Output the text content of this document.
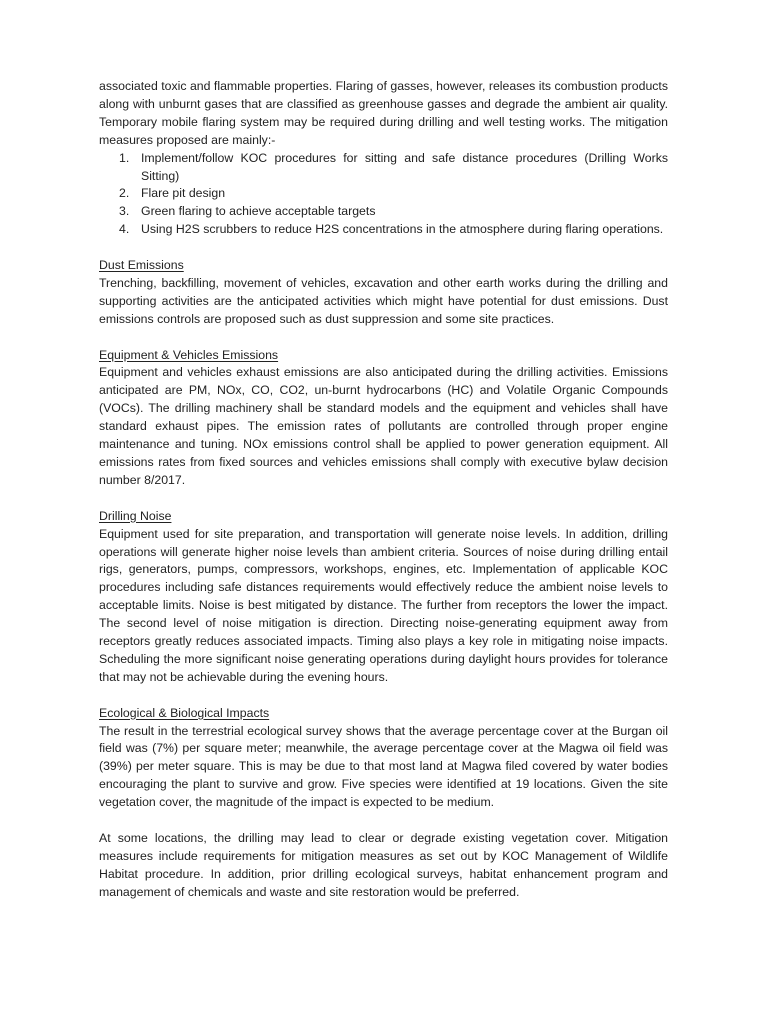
associated toxic and flammable properties. Flaring of gasses, however, releases its combustion products along with unburnt gases that are classified as greenhouse gasses and degrade the ambient air quality. Temporary mobile flaring system may be required during drilling and well testing works. The mitigation measures proposed are mainly:-

1. Implement/follow KOC procedures for sitting and safe distance procedures (Drilling Works Sitting)
2. Flare pit design
3. Green flaring to achieve acceptable targets
4. Using H2S scrubbers to reduce H2S concentrations in the atmosphere during flaring operations.

Dust Emissions

Trenching, backfilling, movement of vehicles, excavation and other earth works during the drilling and supporting activities are the anticipated activities which might have potential for dust emissions. Dust emissions controls are proposed such as dust suppression and some site practices.

Equipment & Vehicles Emissions

Equipment and vehicles exhaust emissions are also anticipated during the drilling activities. Emissions anticipated are PM, NOx, CO, CO2, un-burnt hydrocarbons (HC) and Volatile Organic Compounds (VOCs). The drilling machinery shall be standard models and the equipment and vehicles shall have standard exhaust pipes. The emission rates of pollutants are controlled through proper engine maintenance and tuning. NOx emissions control shall be applied to power generation equipment. All emissions rates from fixed sources and vehicles emissions shall comply with executive bylaw decision number 8/2017.

Drilling Noise

Equipment used for site preparation, and transportation will generate noise levels. In addition, drilling operations will generate higher noise levels than ambient criteria. Sources of noise during drilling entail rigs, generators, pumps, compressors, workshops, engines, etc. Implementation of applicable KOC procedures including safe distances requirements would effectively reduce the ambient noise levels to acceptable limits. Noise is best mitigated by distance. The further from receptors the lower the impact. The second level of noise mitigation is direction. Directing noise-generating equipment away from receptors greatly reduces associated impacts. Timing also plays a key role in mitigating noise impacts. Scheduling the more significant noise generating operations during daylight hours provides for tolerance that may not be achievable during the evening hours.

Ecological & Biological Impacts

The result in the terrestrial ecological survey shows that the average percentage cover at the Burgan oil field was (7%) per square meter; meanwhile, the average percentage cover at the Magwa oil field was (39%) per meter square. This is may be due to that most land at Magwa filed covered by water bodies encouraging the plant to survive and grow. Five species were identified at 19 locations. Given the site vegetation cover, the magnitude of the impact is expected to be medium.

At some locations, the drilling may lead to clear or degrade existing vegetation cover. Mitigation measures include requirements for mitigation measures as set out by KOC Management of Wildlife Habitat procedure. In addition, prior drilling ecological surveys, habitat enhancement program and management of chemicals and waste and site restoration would be preferred.
